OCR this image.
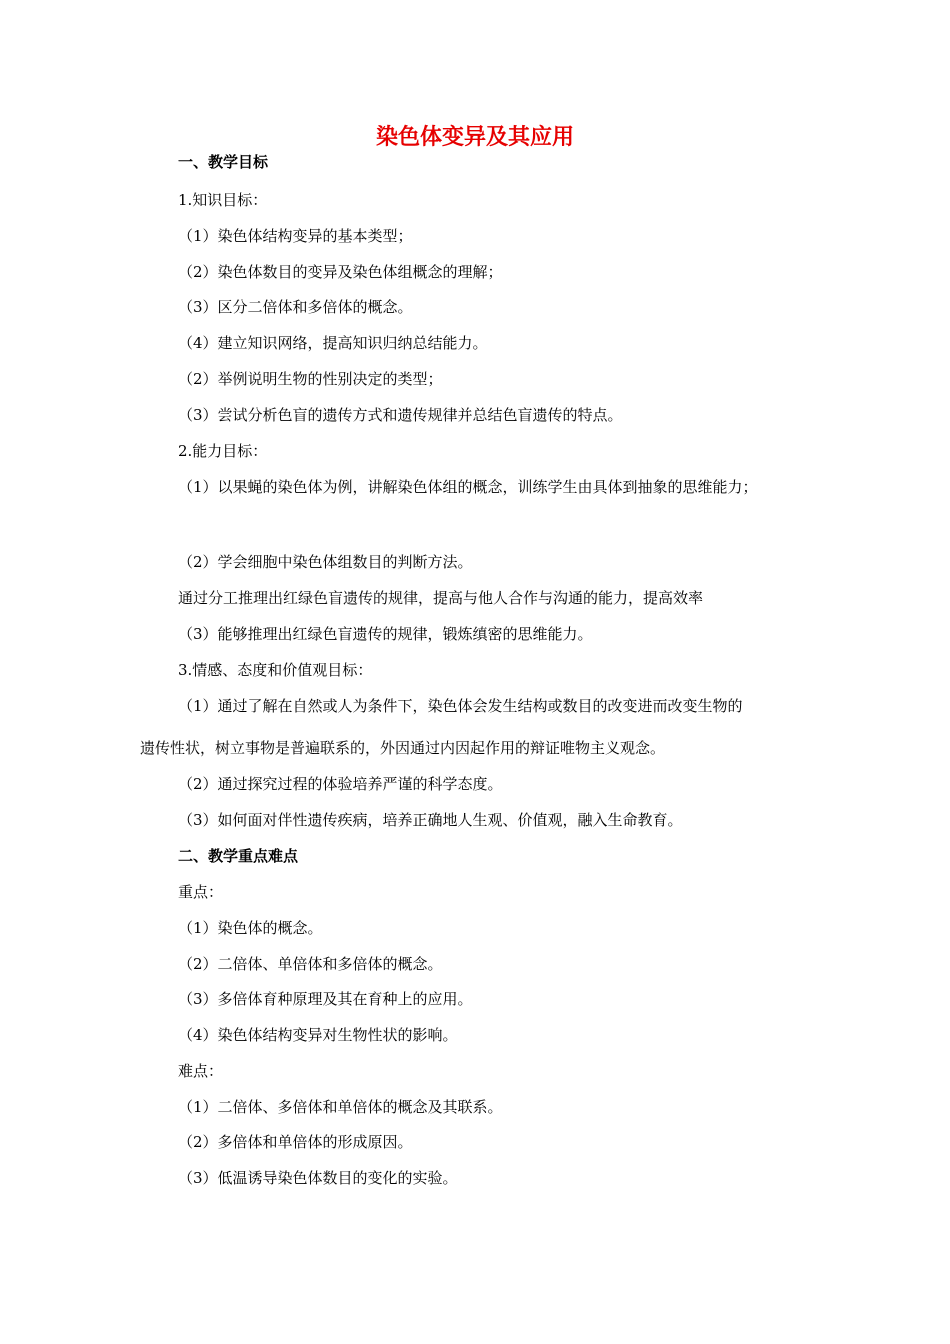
染色体变异及其应用
一、教学目标
1.知识目标：
（1）染色体结构变异的基本类型；
（2）染色体数目的变异及染色体组概念的理解；
（3）区分二倍体和多倍体的概念。
（4）建立知识网络，提高知识归纳总结能力。
（2）举例说明生物的性别决定的类型；
（3）尝试分析色盲的遗传方式和遗传规律并总结色盲遗传的特点。
2.能力目标：
（1）以果蝇的染色体为例，讲解染色体组的概念，训练学生由具体到抽象的思维能力；
（2）学会细胞中染色体组数目的判断方法。
通过分工推理出红绿色盲遗传的规律，提高与他人合作与沟通的能力，提高效率
（3）能够推理出红绿色盲遗传的规律，锻炼缜密的思维能力。
3.情感、态度和价值观目标：
（1）通过了解在自然或人为条件下，染色体会发生结构或数目的改变进而改变生物的
遗传性状，树立事物是普遍联系的，外因通过内因起作用的辩证唯物主义观念。
（2）通过探究过程的体验培养严谨的科学态度。
（3）如何面对伴性遗传疾病，培养正确地人生观、价值观，融入生命教育。
二、教学重点难点
重点：
（1）染色体的概念。
（2）二倍体、单倍体和多倍体的概念。
（3）多倍体育种原理及其在育种上的应用。
（4）染色体结构变异对生物性状的影响。
难点：
（1）二倍体、多倍体和单倍体的概念及其联系。
（2）多倍体和单倍体的形成原因。
（3）低温诱导染色体数目的变化的实验。
